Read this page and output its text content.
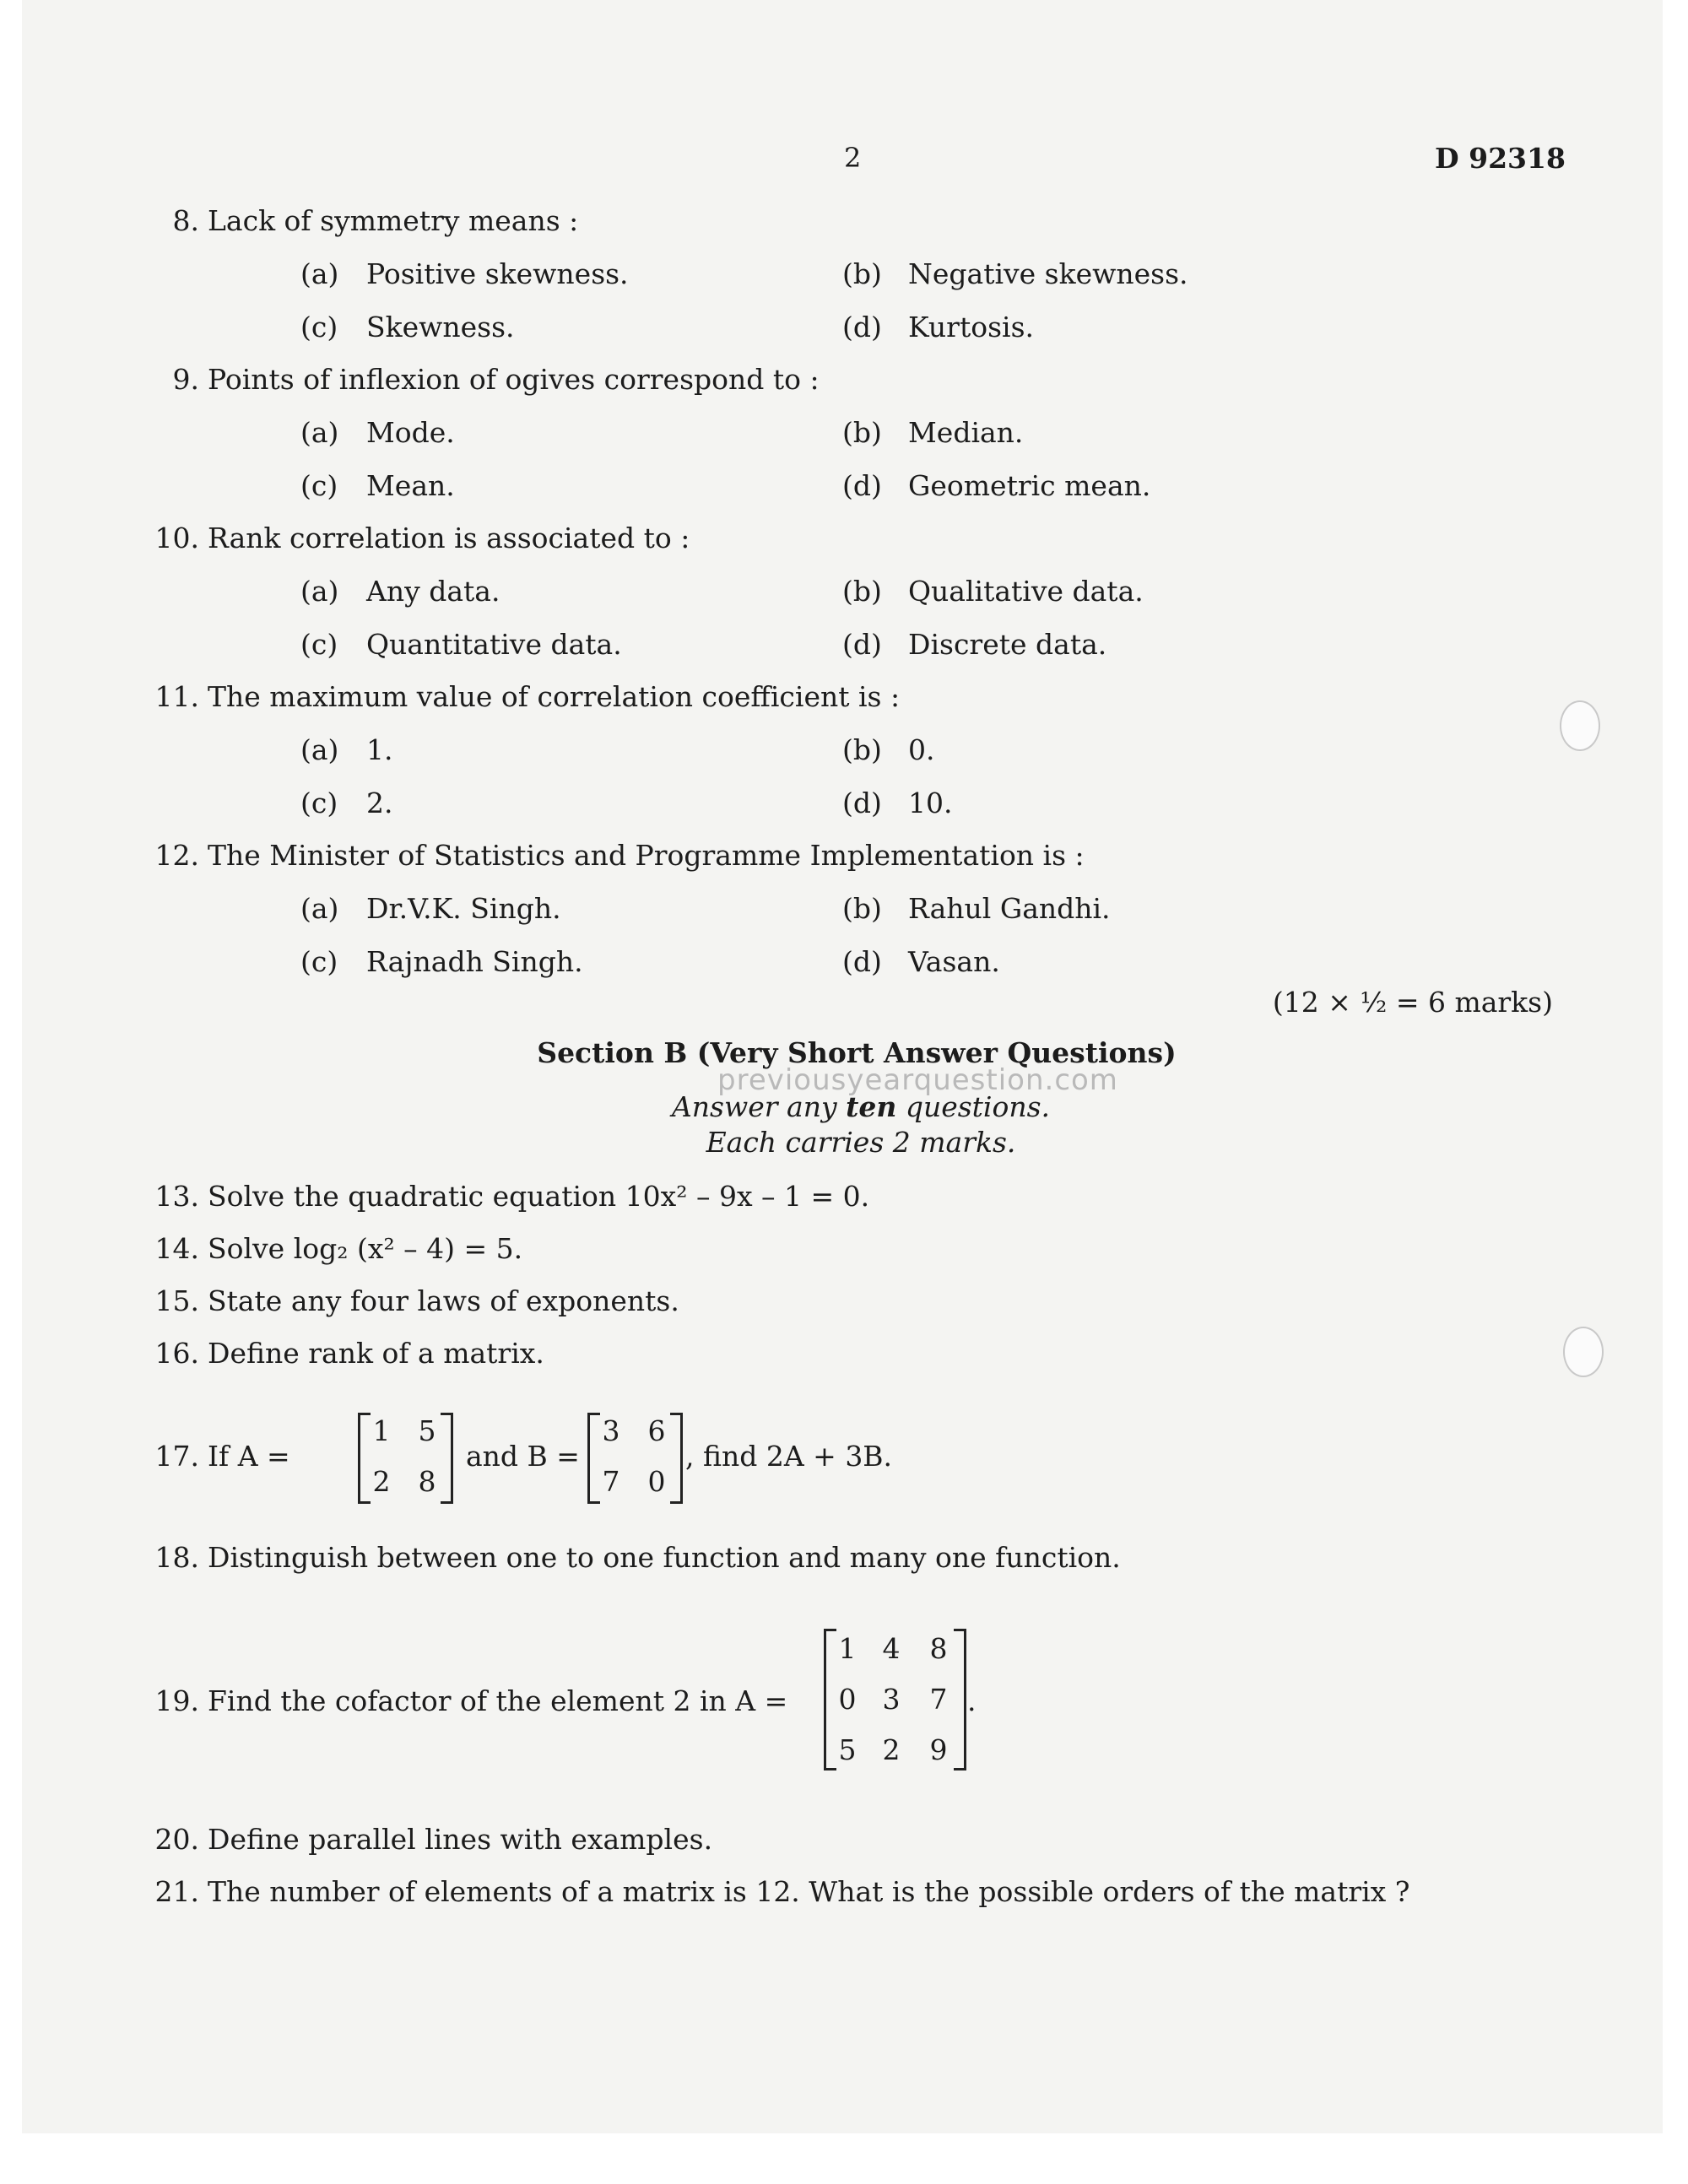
2	D 92318
8. Lack of symmetry means :
(a) Positive skewness.	(b) Negative skewness.
(c) Skewness.	(d) Kurtosis.
9. Points of inflexion of ogives correspond to :
(a) Mode.	(b) Median.
(c) Mean.	(d) Geometric mean.
10. Rank correlation is associated to :
(a) Any data.	(b) Qualitative data.
(c) Quantitative data.	(d) Discrete data.
11. The maximum value of correlation coefficient is :
(a) 1.	(b) 0.
(c) 2.	(d) 10.
12. The Minister of Statistics and Programme Implementation is :
(a) Dr.V.K. Singh.	(b) Rahul Gandhi.
(c) Rajnadh Singh.	(d) Vasan.
(12 × ½ = 6 marks)
Section B (Very Short Answer Questions)
previousyearquestion.com
Answer any ten questions.
Each carries 2 marks.
13. Solve the quadratic equation 10x² – 9x – 1 = 0.
14. Solve log₂ (x² – 4) = 5.
15. State any four laws of exponents.
16. Define rank of a matrix.
17. If A =
1 5
2 8
and B =
3 6
7 0
, find 2A + 3B.
18. Distinguish between one to one function and many one function.
19. Find the cofactor of the element 2 in A =
1 4 8
0 3 7
5 2 9
.
20. Define parallel lines with examples.
21. The number of elements of a matrix is 12. What is the possible orders of the matrix ?
